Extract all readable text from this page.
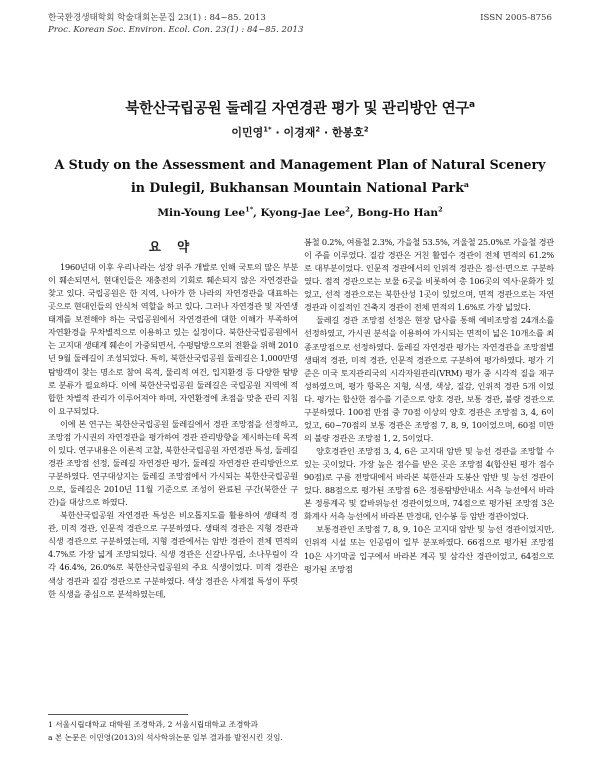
한국환경생태학회 학술대회논문집 23(1) : 84~85. 2013
Proc. Korean Soc. Environ. Ecol. Con. 23(1) : 84~85. 2013
ISSN 2005-8756
북한산국립공원 둘레길 자연경관 평가 및 관리방안 연구$^a$
이민영$^{1*}$ · 이경재$^2$ · 한봉호$^2$
A Study on the Assessment and Management Plan of Natural Scenery
in Dulegil, Bukhansan Mountain National Park$^a$
Min-Young Lee$^{1*}$, Kyong-Jae Lee$^2$, Bong-Ho Han$^2$
요 약

1960년대 이후 우리나라는 성장 위주 개발로 인해 국토의 많은 부분이 훼손되면서, 현대인들은 재충전의 기회로 훼손되지 않은 자연경관을 찾고 있다. 국립공원은 한 지역, 나아가 한 나라의 자연경관을 대표하는 곳으로 현대인들의 안식처 역할을 하고 있다. 그러나 자연경관 및 자연생태계를 보전해야 하는 국립공원에서 자연경관에 대한 이해가 부족하여 자연환경을 무차별적으로 이용하고 있는 실정이다. 북한산국립공원에서는 고지대 생태계 훼손이 가중되면서, 수평탐방으로의 전환을 위해 2010년 9월 둘레길이 조성되었다. 특히, 북한산국립공원 둘레길은 1,000만명 탐방객이 찾는 명소로 참여 목적, 물리적 여건, 입지환경 등 다양한 탐방로 분류가 필요하다. 이에 북한산국립공원 둘레길은 국립공원 지역에 적합한 차별적 관리가 이루어져야 하며, 자연환경에 초점을 맞춘 관리 지침이 요구되었다.

이에 본 연구는 북한산국립공원 둘레길에서 경관 조망점을 선정하고, 조망점 가시권의 자연경관을 평가하여 경관 관리방향을 제시하는데 목적이 있다. 연구내용은 이론적 고찰, 북한산국립공원 자연경관 특성, 둘레길 경관 조망점 선정, 둘레길 자연경관 평가, 둘레길 자연경관 관리방안으로 구분하였다. 연구대상지는 둘레길 조망점에서 가시되는 북한산국립공원으로, 둘레길은 2010년 11월 기준으로 조성이 완료된 구간(북한산 구간)을 대상으로 하였다.

북한산국립공원 자연경관 특성은 비오톱지도를 활용하여 생태적 경관, 미적 경관, 인문적 경관으로 구분하였다. 생태적 경관은 지형 경관과 식생 경관으로 구분하였는데, 지형 경관에서는 암반 경관이 전체 면적의 4.7%로 가장 넓게 조망되었다. 식생 경관은 신갈나무림, 소나무림이 각각 46.4%, 26.0%로 북한산국립공원의 주요 식생이었다. 미적 경관은 색상 경관과 질감 경관으로 구분하였다. 색상 경관은 사계절 특성이 뚜렷한 식생을 중심으로 분석하였는데,

봄철 0.2%, 여름철 2.3%, 가을철 53.5%, 겨울철 25.0%로 가을철 경관이 주를 이루었다. 질감 경관은 거친 활엽수 경관이 전체 면적의 61.2%로 대부분이었다. 인문적 경관에서의 인위적 경관은 점·선·면으로 구분하였다. 점적 경관으로는 보물 6곳을 비롯하여 총 106곳의 역사·문화가 있었고, 선적 경관으로는 북한산성 1곳이 있었으며, 면적 경관으로는 자연경관과 이질적인 건축지 경관이 전체 면적의 1.6%로 가장 넓었다.

둘레길 경관 조망점 선정은 현장 답사를 통해 예비조망점 24개소를 선정하였고, 가시권 분석을 이용하여 가시되는 면적이 넓은 10개소를 최종조망점으로 선정하였다. 둘레길 자연경관 평가는 자연경관을 조망점별 생태적 경관, 미적 경관, 인문적 경관으로 구분하여 평가하였다. 평가 기준은 미국 토지관리국의 시각자원관리(VRM) 평가 중 시각적 질을 재구성하였으며, 평가 항목은 지형, 식생, 색상, 질감, 인위적 경관 5개 이었다. 평가는 합산한 점수를 기준으로 양호 경관, 보통 경관, 불량 경관으로 구분하였다. 100점 만점 중 70점 이상의 양호 경관은 조망점 3, 4, 6이었고, 60~70점의 보통 경관은 조망점 7, 8, 9, 10이었으며, 60점 미만의 불량 경관은 조망점 1, 2, 5이었다.

양호경관인 조망점 3, 4, 6은 고지대 암반 및 능선 경관을 조망할 수 있는 곳이었다. 가장 높은 점수를 받은 곳은 조망점 4(합산된 평가 점수 90점)로 구름 전망대에서 바라본 북한산과 도봉산 암반 및 능선 경관이었다. 88점으로 평가된 조망점 6은 정릉탐방안내소 서측 능선에서 바라본 정릉계곡 및 칼바위능선 경관이었으며, 74점으로 평가된 조망점 3은 화계사 서측 능선에서 바라본 만경대, 인수봉 등 암반 경관이었다.

보통경관인 조망점 7, 8, 9, 10은 고지대 암반 및 능선 경관이었지만, 인위적 시설 또는 인공림이 일부 분포하였다. 66점으로 평가된 조망점 10은 사기막골 입구에서 바라본 계곡 및 삼각산 경관이었고, 64점으로 평가된 조망점

1 서울시립대학교 대학원 조경학과, 2 서울시립대학교 조경학과
a 본 논문은 이민영(2013)의 석사학위논문 일부 결과를 발전시킨 것임.
